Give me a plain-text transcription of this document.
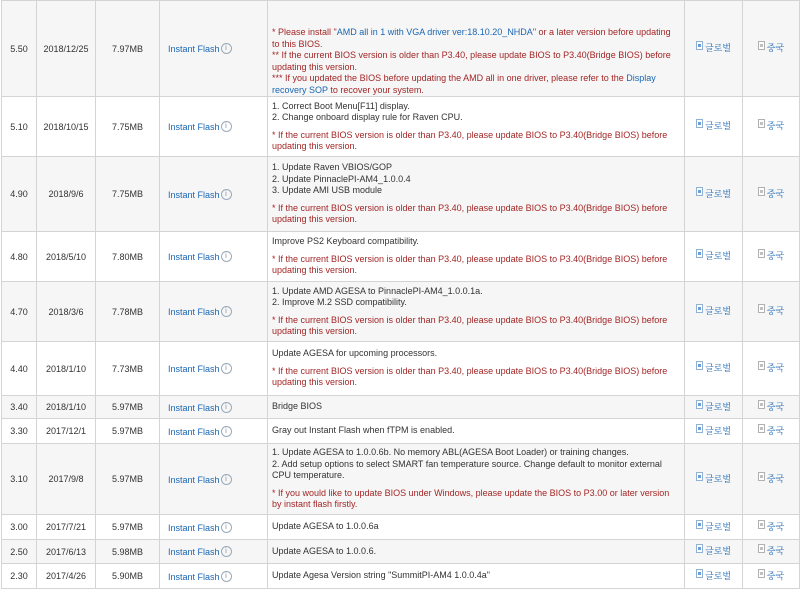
5.50	2018/12/25	7.97MB	Instant Flash i	* Please install "AMD all in 1 with VGA driver ver:18.10.20_NHDA" or a later version before updating to this BIOS.
** If the current BIOS version is older than P3.40, please update BIOS to P3.40(Bridge BIOS) before updating this version.
*** If you updated the BIOS before updating the AMD all in one driver, please refer to the Display recovery SOP to recover your system.	글로벌	중국

5.10	2018/10/15	7.75MB	Instant Flash i	1. Correct Boot Menu[F11] display.
2. Change onboard display rule for Raven CPU.
* If the current BIOS version is older than P3.40, please update BIOS to P3.40(Bridge BIOS) before updating this version.	글로벌	중국

4.90	2018/9/6	7.75MB	Instant Flash i	1. Update Raven VBIOS/GOP
2. Update PinnaclePI-AM4_1.0.0.4
3. Update AMI USB module
* If the current BIOS version is older than P3.40, please update BIOS to P3.40(Bridge BIOS) before updating this version.	글로벌	중국

4.80	2018/5/10	7.80MB	Instant Flash i	Improve PS2 Keyboard compatibility.
* If the current BIOS version is older than P3.40, please update BIOS to P3.40(Bridge BIOS) before updating this version.	글로벌	중국

4.70	2018/3/6	7.78MB	Instant Flash i	1. Update AMD AGESA to PinnaclePI-AM4_1.0.0.1a.
2. Improve M.2 SSD compatibility.
* If the current BIOS version is older than P3.40, please update BIOS to P3.40(Bridge BIOS) before updating this version.	글로벌	중국

4.40	2018/1/10	7.73MB	Instant Flash i	Update AGESA for upcoming processors.
* If the current BIOS version is older than P3.40, please update BIOS to P3.40(Bridge BIOS) before updating this version.	글로벌	중국

3.40	2018/1/10	5.97MB	Instant Flash i	Bridge BIOS	글로벌	중국

3.30	2017/12/1	5.97MB	Instant Flash i	Gray out Instant Flash when fTPM is enabled.	글로벌	중국

3.10	2017/9/8	5.97MB	Instant Flash i	1. Update AGESA to 1.0.0.6b. No memory ABL(AGESA Boot Loader) or training changes.
2. Add setup options to select SMART fan temperature source. Change default to monitor external CPU temperature.
* If you would like to update BIOS under Windows, please update the BIOS to P3.00 or later version by instant flash firstly.	글로벌	중국

3.00	2017/7/21	5.97MB	Instant Flash i	Update AGESA to 1.0.0.6a	글로벌	중국

2.50	2017/6/13	5.98MB	Instant Flash i	Update AGESA to 1.0.0.6.	글로벌	중국

2.30	2017/4/26	5.90MB	Instant Flash i	Update Agesa Version string "SummitPI-AM4 1.0.0.4a"	글로벌	중국
